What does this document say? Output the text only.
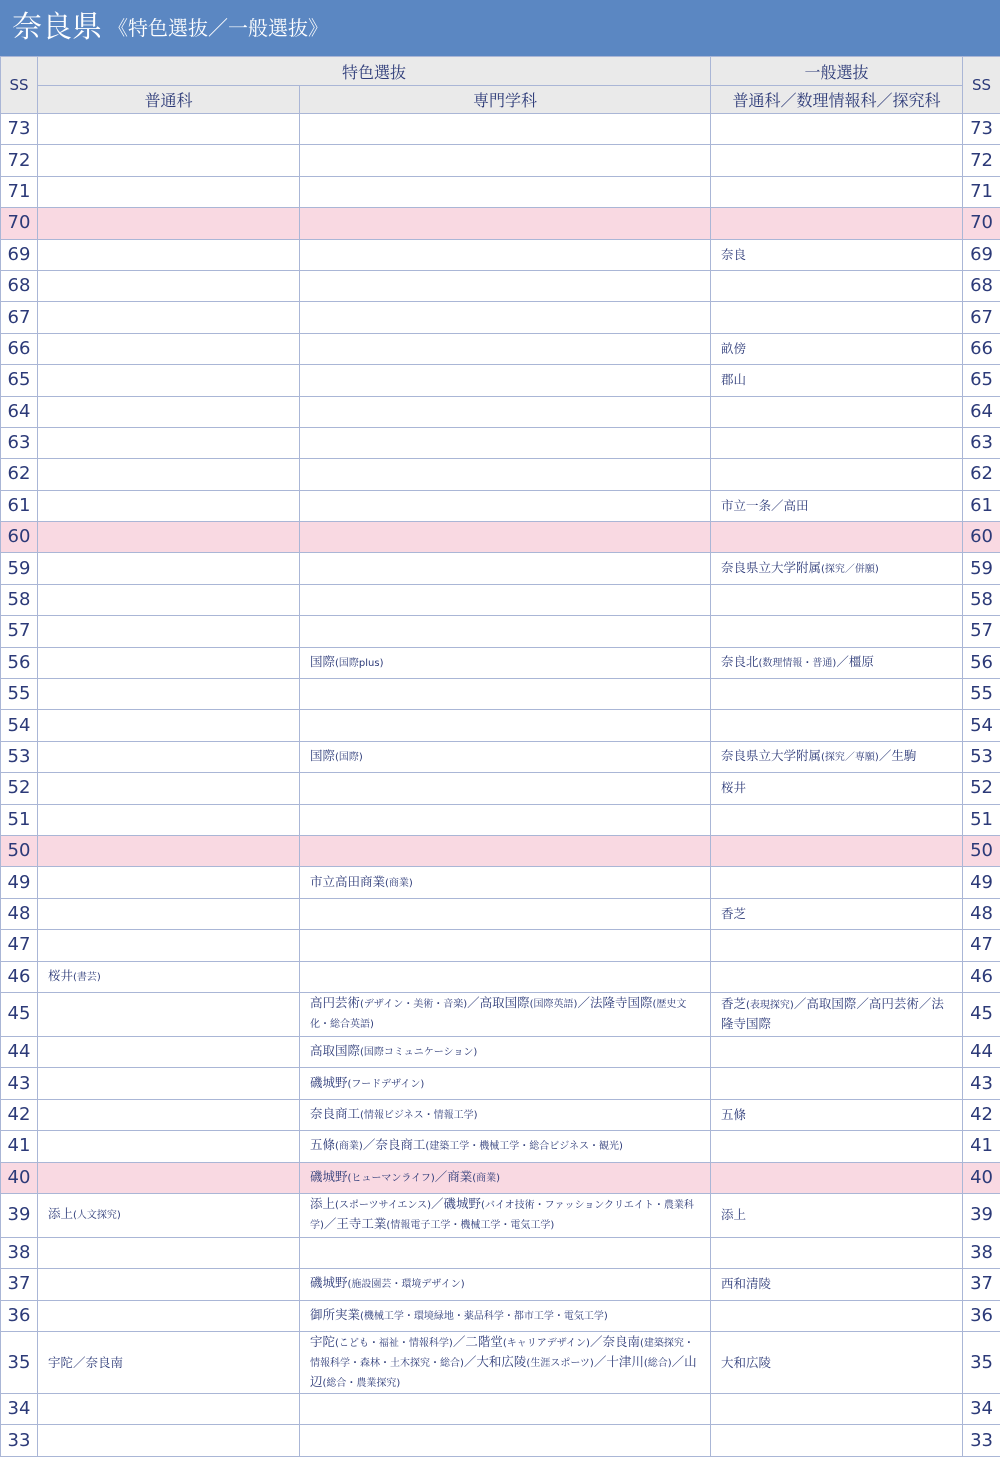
奈良県 《特色選抜／一般選抜》
SS	特色選抜		一般選抜	SS
	普通科	専門学科	普通科／数理情報科／探究科	
73				73
72				72
71				71
70				70
69			奈良	69
68				68
67				67
66			畝傍	66
65			郡山	65
64				64
63				63
62				62
61			市立一条／高田	61
60				60
59			奈良県立大学附属(探究／併願)	59
58				58
57				57
56		国際(国際plus)	奈良北(数理情報・普通)／橿原	56
55				55
54				54
53		国際(国際)	奈良県立大学附属(探究／専願)／生駒	53
52			桜井	52
51				51
50				50
49		市立高田商業(商業)		49
48			香芝	48
47				47
46	桜井(書芸)			46
45		高円芸術(デザイン・美術・音楽)／高取国際(国際英語)／法隆寺国際(歴史文化・総合英語)	香芝(表現探究)／高取国際／高円芸術／法隆寺国際	45
44		高取国際(国際コミュニケーション)		44
43		磯城野(フードデザイン)		43
42		奈良商工(情報ビジネス・情報工学)	五條	42
41		五條(商業)／奈良商工(建築工学・機械工学・総合ビジネス・観光)		41
40		磯城野(ヒューマンライフ)／商業(商業)		40
39	添上(人文探究)	添上(スポーツサイエンス)／磯城野(バイオ技術・ファッションクリエイト・農業科学)／王寺工業(情報電子工学・機械工学・電気工学)	添上	39
38				38
37		磯城野(施設園芸・環境デザイン)	西和清陵	37
36		御所実業(機械工学・環境緑地・薬品科学・都市工学・電気工学)		36
35	宇陀／奈良南	宇陀(こども・福祉・情報科学)／二階堂(キャリアデザイン)／奈良南(建築探究・情報科学・森林・土木探究・総合)／大和広陵(生涯スポーツ)／十津川(総合)／山辺(総合・農業探究)	大和広陵	35
34				34
33				33
